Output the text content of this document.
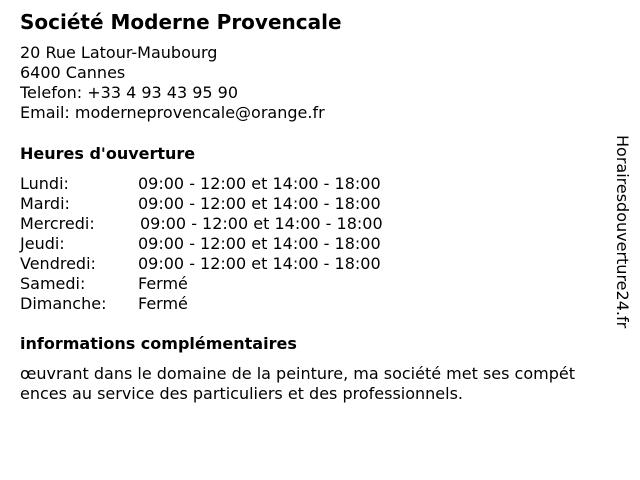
Société Moderne Provencale
20 Rue Latour-Maubourg
6400 Cannes
Telefon: +33 4 93 43 95 90
Email: moderneprovencale@orange.fr
Heures d'ouverture
Lundi:	09:00 - 12:00 et 14:00 - 18:00
Mardi:	09:00 - 12:00 et 14:00 - 18:00
Mercredi:	09:00 - 12:00 et 14:00 - 18:00
Jeudi:	09:00 - 12:00 et 14:00 - 18:00
Vendredi:	09:00 - 12:00 et 14:00 - 18:00
Samedi:	Fermé
Dimanche: Fermé
informations complémentaires
œuvrant dans le domaine de la peinture, ma société met ses compét
ences au service des particuliers et des professionnels.
Horairesdouverture24.fr
